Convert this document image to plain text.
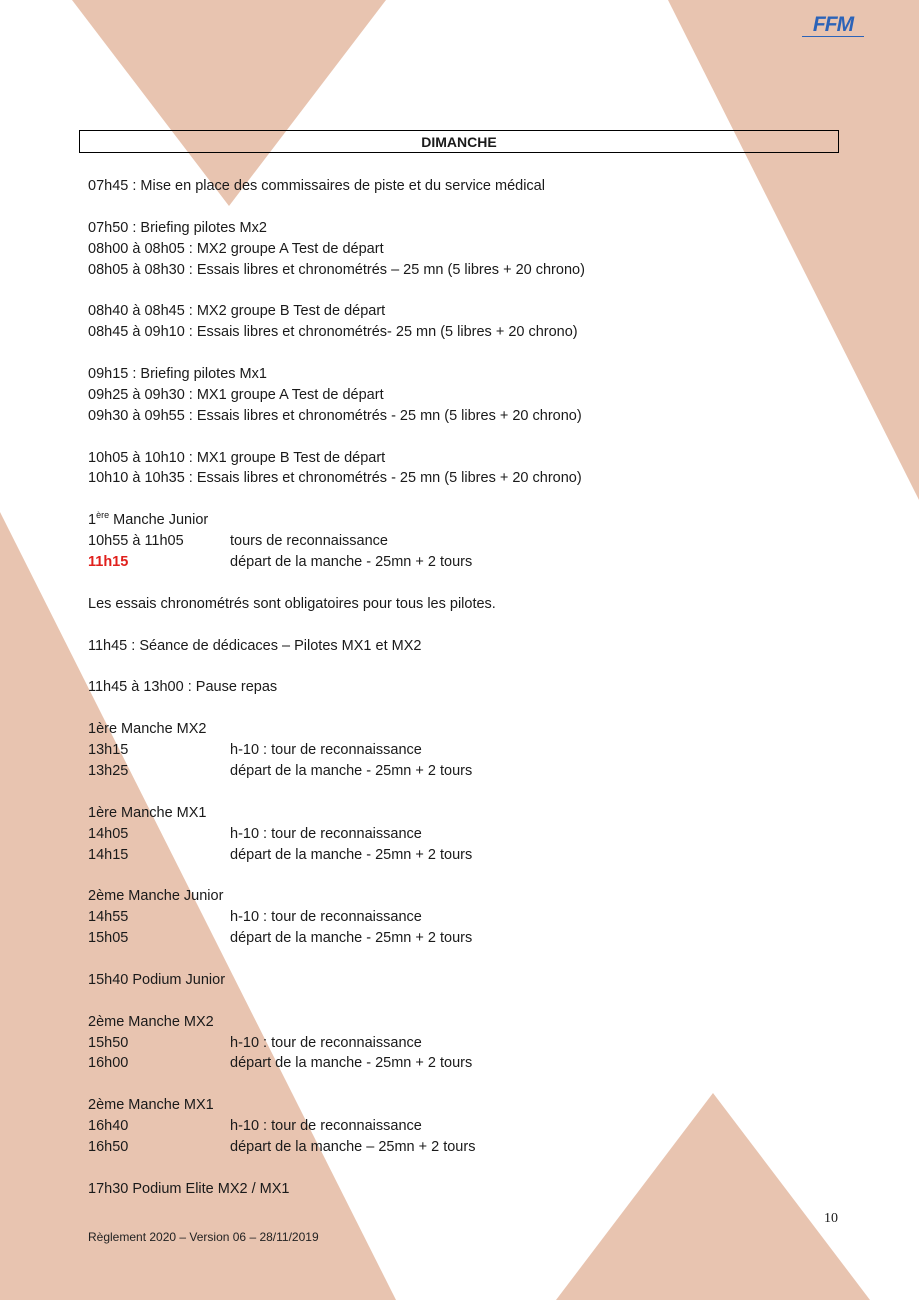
FFM
DIMANCHE
07h45 : Mise en place des commissaires de piste et du service médical
07h50 : Briefing pilotes Mx2
08h00 à 08h05 : MX2 groupe A Test de départ
08h05 à 08h30 : Essais libres et chronométrés – 25 mn (5 libres + 20 chrono)
08h40 à 08h45 : MX2 groupe B Test de départ
08h45 à 09h10 : Essais libres et chronométrés- 25 mn (5 libres + 20 chrono)
09h15 : Briefing pilotes Mx1
09h25 à 09h30 : MX1 groupe A Test de départ
09h30 à 09h55 : Essais libres et chronométrés - 25 mn (5 libres + 20 chrono)
10h05 à 10h10 : MX1 groupe B Test de départ
10h10 à 10h35 : Essais libres et chronométrés - 25 mn (5 libres + 20 chrono)
1ère Manche Junior
10h55 à 11h05	tours de reconnaissance
11h15	départ de la manche - 25mn + 2 tours
Les essais chronométrés sont obligatoires pour tous les pilotes.
11h45 : Séance de dédicaces – Pilotes MX1 et MX2
11h45 à 13h00 : Pause repas
1ère Manche MX2
13h15	h-10 : tour de reconnaissance
13h25	départ de la manche - 25mn + 2 tours
1ère Manche MX1
14h05	h-10 : tour de reconnaissance
14h15	départ de la manche - 25mn + 2 tours
2ème Manche Junior
14h55	h-10 : tour de reconnaissance
15h05	départ de la manche - 25mn + 2 tours
15h40 Podium Junior
2ème Manche MX2
15h50	h-10 : tour de reconnaissance
16h00	départ de la manche - 25mn + 2 tours
2ème Manche MX1
16h40	h-10 : tour de reconnaissance
16h50	départ de la manche – 25mn + 2 tours
17h30 Podium Elite MX2 / MX1
10
Règlement 2020 – Version 06 – 28/11/2019
